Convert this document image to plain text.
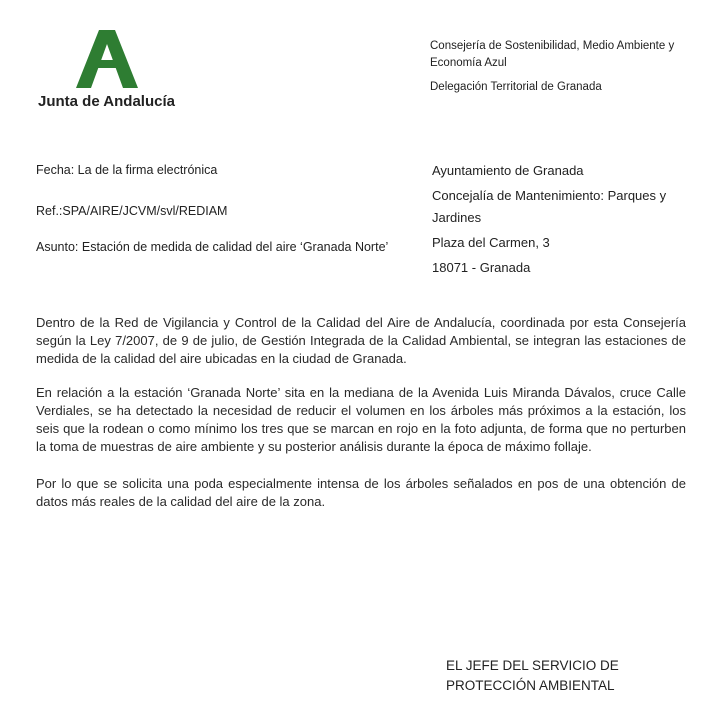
Junta de Andalucía
Consejería de Sostenibilidad, Medio Ambiente y Economía Azul
Delegación Territorial de Granada
Fecha: La de la firma electrónica
Ref.:SPA/AIRE/JCVM/svl/REDIAM
Asunto: Estación de medida de calidad del aire ‘Granada Norte’
Ayuntamiento de Granada
Concejalía de Mantenimiento: Parques y Jardines
Plaza del Carmen, 3
18071 - Granada
Dentro de la Red de Vigilancia y Control de la Calidad del Aire de Andalucía, coordinada por esta Consejería según la Ley 7/2007, de 9 de julio, de Gestión Integrada de la Calidad Ambiental, se integran las estaciones de medida de la calidad del aire ubicadas en la ciudad de Granada.
En relación a la estación ‘Granada Norte’ sita en la mediana de la Avenida Luis Miranda Dávalos, cruce Calle Verdiales, se ha detectado la necesidad de reducir el volumen en los árboles más próximos a la estación, los seis que la rodean o como mínimo los tres que se marcan en rojo en la foto adjunta, de forma que no perturben la toma de muestras de aire ambiente y su posterior análisis durante la época de máximo follaje.
Por lo que se solicita una poda especialmente intensa de los árboles señalados en pos de una obtención de datos más reales de la calidad del aire de la zona.
EL JEFE DEL SERVICIO DE
PROTECCIÓN AMBIENTAL
